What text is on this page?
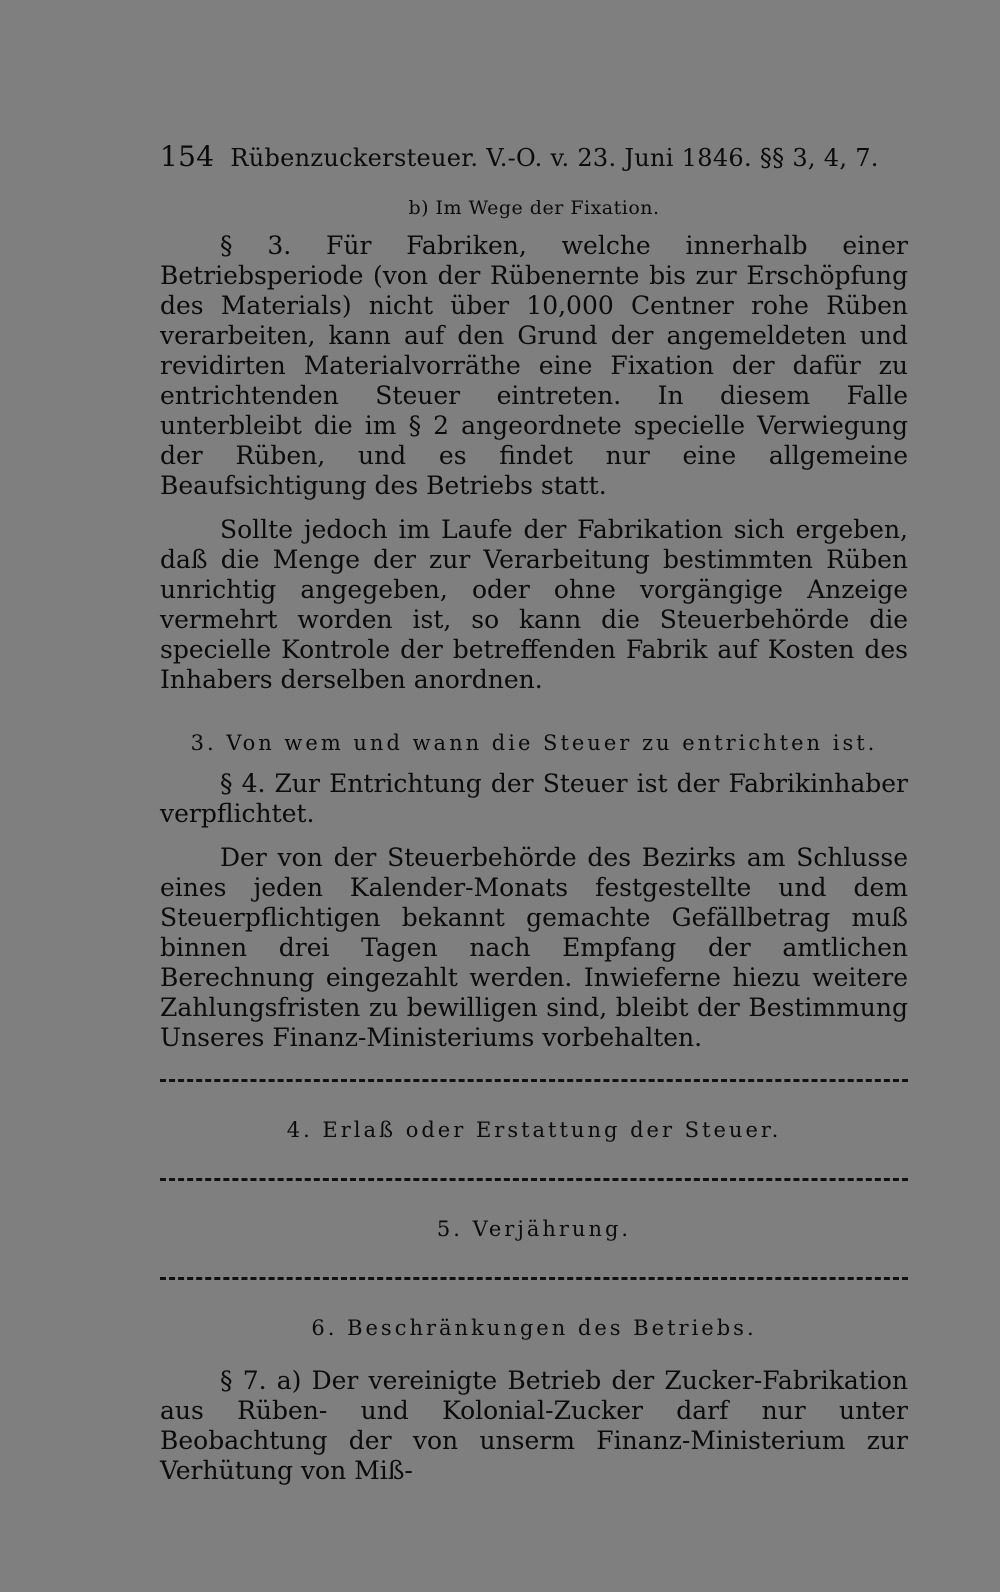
154 Rübenzuckersteuer. V.-O. v. 23. Juni 1846. §§ 3, 4, 7.
b) Im Wege der Fixation.

§ 3. Für Fabriken, welche innerhalb einer Betriebsperiode (von der Rübenernte bis zur Erschöpfung des Materials) nicht über 10,000 Centner rohe Rüben verarbeiten, kann auf den Grund der angemeldeten und revidirten Materialvorräthe eine Fixation der dafür zu entrichtenden Steuer eintreten. In diesem Falle unterbleibt die im § 2 angeordnete specielle Verwiegung der Rüben, und es findet nur eine allgemeine Beaufsichtigung des Betriebs statt.

Sollte jedoch im Laufe der Fabrikation sich ergeben, daß die Menge der zur Verarbeitung bestimmten Rüben unrichtig angegeben, oder ohne vorgängige Anzeige vermehrt worden ist, so kann die Steuerbehörde die specielle Kontrole der betreffenden Fabrik auf Kosten des Inhabers derselben anordnen.

3. Von wem und wann die Steuer zu entrichten ist.

§ 4. Zur Entrichtung der Steuer ist der Fabrikinhaber verpflichtet.

Der von der Steuerbehörde des Bezirks am Schlusse eines jeden Kalender-Monats festgestellte und dem Steuerpflichtigen bekannt gemachte Gefällbetrag muß binnen drei Tagen nach Empfang der amtlichen Berechnung eingezahlt werden. Inwieferne hiezu weitere Zahlungsfristen zu bewilligen sind, bleibt der Bestimmung Unseres Finanz-Ministeriums vorbehalten.

4. Erlaß oder Erstattung der Steuer.
5. Verjährung.
6. Beschränkungen des Betriebs.

§ 7. a) Der vereinigte Betrieb der Zucker-Fabrikation aus Rüben- und Kolonial-Zucker darf nur unter Beobachtung der von unserm Finanz-Ministerium zur Verhütung von Miß-
